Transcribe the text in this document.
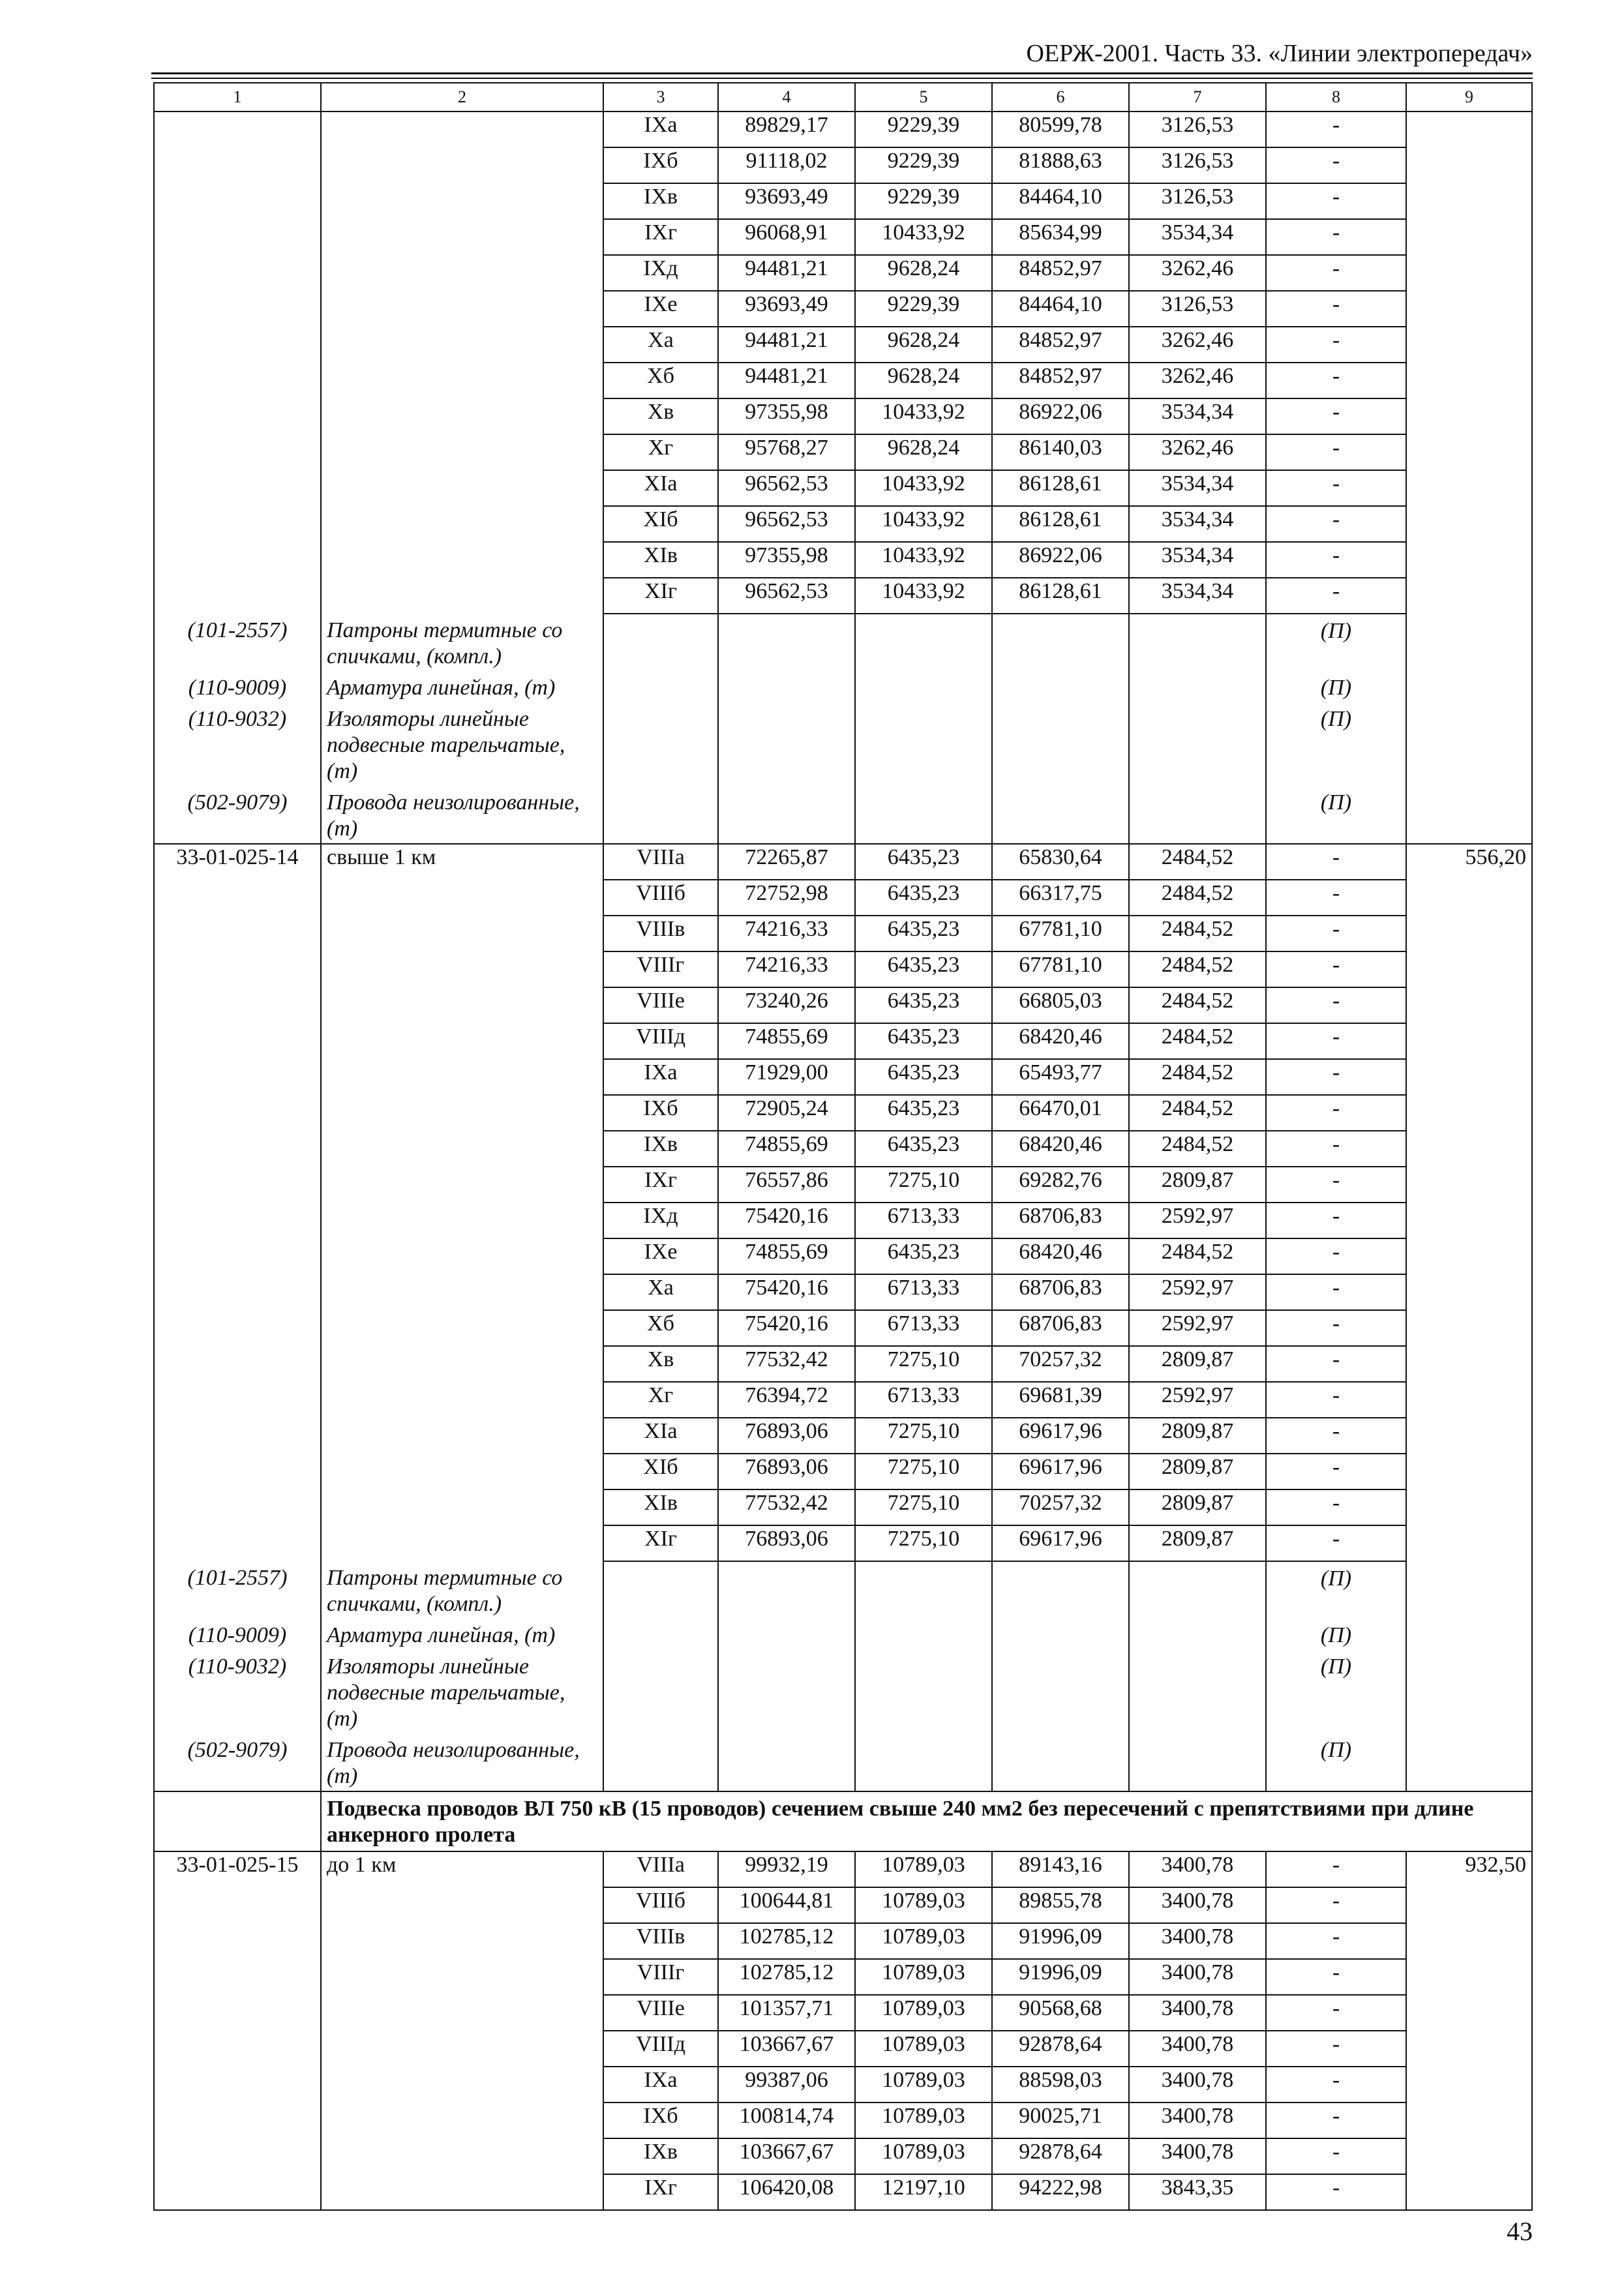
ОЕРЖ-2001. Часть 33. «Линии электропередач»
1	2	3	4	5	6	7	8	9
		IXа	89829,17	9229,39	80599,78	3126,53	-	
		IXб	91118,02	9229,39	81888,63	3126,53	-	
		IXв	93693,49	9229,39	84464,10	3126,53	-	
		IXг	96068,91	10433,92	85634,99	3534,34	-	
		IXд	94481,21	9628,24	84852,97	3262,46	-	
		IXе	93693,49	9229,39	84464,10	3126,53	-	
		Xа	94481,21	9628,24	84852,97	3262,46	-	
		Xб	94481,21	9628,24	84852,97	3262,46	-	
		Xв	97355,98	10433,92	86922,06	3534,34	-	
		Xг	95768,27	9628,24	86140,03	3262,46	-	
		XIа	96562,53	10433,92	86128,61	3534,34	-	
		XIб	96562,53	10433,92	86128,61	3534,34	-	
		XIв	97355,98	10433,92	86922,06	3534,34	-	
		XIг	96562,53	10433,92	86128,61	3534,34	-	
(101-2557)	Патроны термитные со спичками, (компл.)						(П)	
(110-9009)	Арматура линейная, (т)						(П)	
(110-9032)	Изоляторы линейные подвесные тарельчатые, (т)						(П)	
(502-9079)	Провода неизолированные, (т)						(П)	
33-01-025-14	свыше 1 км	VIIIа	72265,87	6435,23	65830,64	2484,52	-	556,20
		VIIIб	72752,98	6435,23	66317,75	2484,52	-	
		VIIIв	74216,33	6435,23	67781,10	2484,52	-	
		VIIIг	74216,33	6435,23	67781,10	2484,52	-	
		VIIIе	73240,26	6435,23	66805,03	2484,52	-	
		VIIIд	74855,69	6435,23	68420,46	2484,52	-	
		IXа	71929,00	6435,23	65493,77	2484,52	-	
		IXб	72905,24	6435,23	66470,01	2484,52	-	
		IXв	74855,69	6435,23	68420,46	2484,52	-	
		IXг	76557,86	7275,10	69282,76	2809,87	-	
		IXд	75420,16	6713,33	68706,83	2592,97	-	
		IXе	74855,69	6435,23	68420,46	2484,52	-	
		Xа	75420,16	6713,33	68706,83	2592,97	-	
		Xб	75420,16	6713,33	68706,83	2592,97	-	
		Xв	77532,42	7275,10	70257,32	2809,87	-	
		Xг	76394,72	6713,33	69681,39	2592,97	-	
		XIа	76893,06	7275,10	69617,96	2809,87	-	
		XIб	76893,06	7275,10	69617,96	2809,87	-	
		XIв	77532,42	7275,10	70257,32	2809,87	-	
		XIг	76893,06	7275,10	69617,96	2809,87	-	
(101-2557)	Патроны термитные со спичками, (компл.)						(П)	
(110-9009)	Арматура линейная, (т)						(П)	
(110-9032)	Изоляторы линейные подвесные тарельчатые, (т)						(П)	
(502-9079)	Провода неизолированные, (т)						(П)	
	Подвеска проводов ВЛ 750 кВ (15 проводов) сечением свыше 240 мм2 без пересечений с препятствиями при длине анкерного пролета							
33-01-025-15	до 1 км	VIIIа	99932,19	10789,03	89143,16	3400,78	-	932,50
		VIIIб	100644,81	10789,03	89855,78	3400,78	-	
		VIIIв	102785,12	10789,03	91996,09	3400,78	-	
		VIIIг	102785,12	10789,03	91996,09	3400,78	-	
		VIIIе	101357,71	10789,03	90568,68	3400,78	-	
		VIIIд	103667,67	10789,03	92878,64	3400,78	-	
		IXа	99387,06	10789,03	88598,03	3400,78	-	
		IXб	100814,74	10789,03	90025,71	3400,78	-	
		IXв	103667,67	10789,03	92878,64	3400,78	-	
		IXг	106420,08	12197,10	94222,98	3843,35	-	
43
